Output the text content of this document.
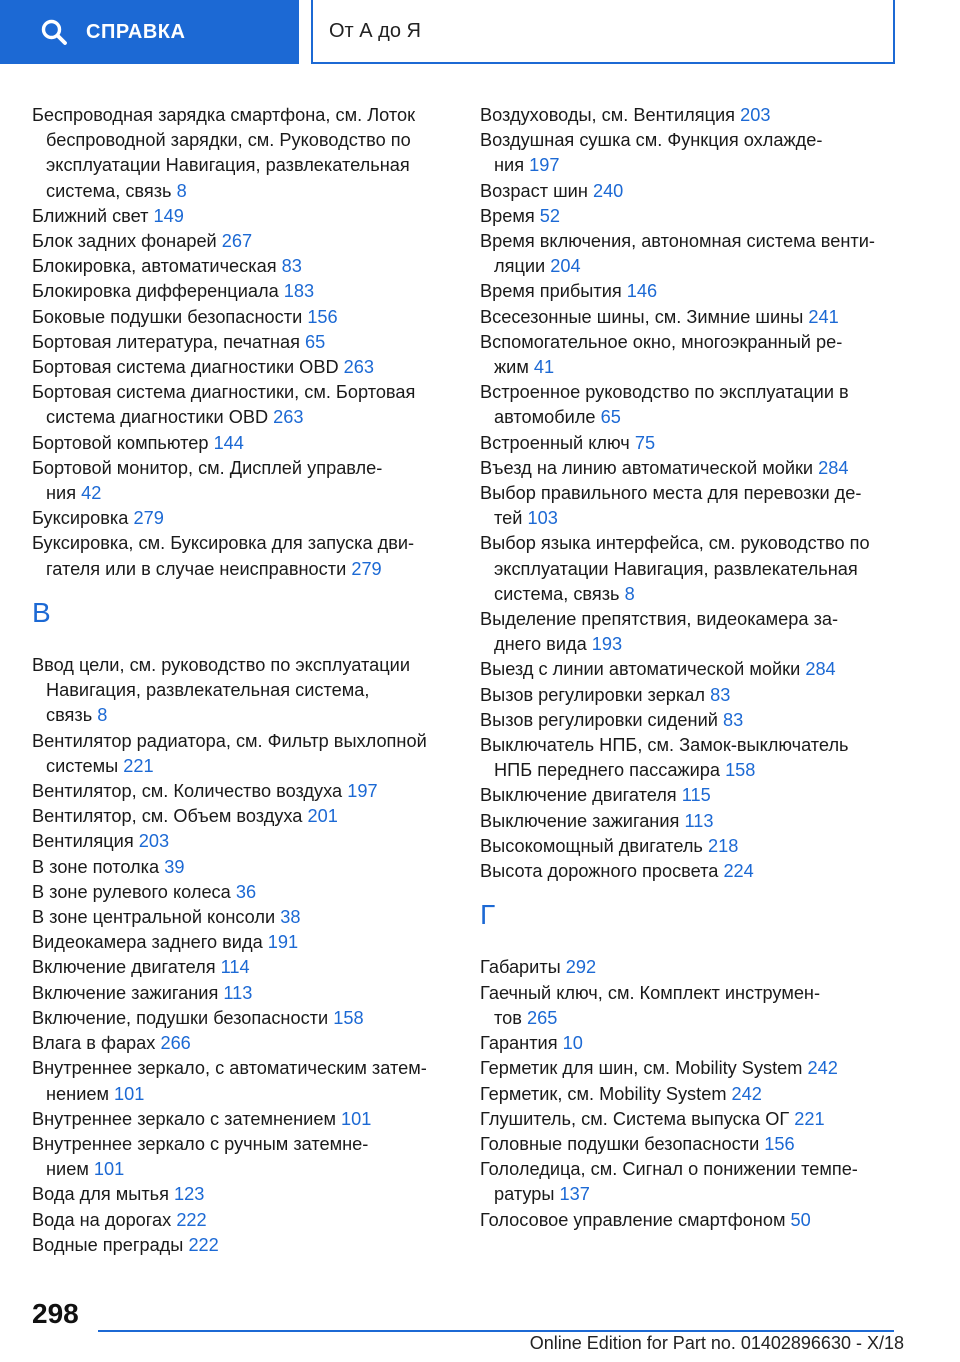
СПРАВКА	От А до Я

Беспроводная зарядка смартфона, см. Лоток
беспроводной зарядки, см. Руководство по
эксплуатации Навигация, развлекательная
система, связь 8

Ближний свет 149

Блок задних фонарей 267

Блокировка, автоматическая 83

Блокировка дифференциала 183

Боковые подушки безопасности 156

Бортовая литература, печатная 65

Бортовая система диагностики OBD 263

Бортовая система диагностики, см. Бортовая
система диагностики OBD 263

Бортовой компьютер 144

Бортовой монитор, см. Дисплей управле-
ния 42

Буксировка 279

Буксировка, см. Буксировка для запуска дви-
гателя или в случае неисправности 279

В

Ввод цели, см. руководство по эксплуатации
Навигация, развлекательная система,
связь 8

Вентилятор радиатора, см. Фильтр выхлопной
системы 221

Вентилятор, см. Количество воздуха 197

Вентилятор, см. Объем воздуха 201

Вентиляция 203

В зоне потолка 39

В зоне рулевого колеса 36

В зоне центральной консоли 38

Видеокамера заднего вида 191

Включение двигателя 114

Включение зажигания 113

Включение, подушки безопасности 158

Влага в фарах 266

Внутреннее зеркало, с автоматическим затем-
нением 101

Внутреннее зеркало с затемнением 101

Внутреннее зеркало с ручным затемне-
нием 101

Вода для мытья 123

Вода на дорогах 222

Водные преграды 222

Воздуховоды, см. Вентиляция 203

Воздушная сушка см. Функция охлажде-
ния 197

Возраст шин 240

Время 52

Время включения, автономная система венти-
ляции 204

Время прибытия 146

Всесезонные шины, см. Зимние шины 241

Вспомогательное окно, многоэкранный ре-
жим 41

Встроенное руководство по эксплуатации в
автомобиле 65

Встроенный ключ 75

Въезд на линию автоматической мойки 284

Выбор правильного места для перевозки де-
тей 103

Выбор языка интерфейса, см. руководство по
эксплуатации Навигация, развлекательная
система, связь 8

Выделение препятствия, видеокамера за-
днего вида 193

Выезд с линии автоматической мойки 284

Вызов регулировки зеркал 83

Вызов регулировки сидений 83

Выключатель НПБ, см. Замок-выключатель
НПБ переднего пассажира 158

Выключение двигателя 115

Выключение зажигания 113

Высокомощный двигатель 218

Высота дорожного просвета 224

Г

Габариты 292

Гаечный ключ, см. Комплект инструмен-
тов 265

Гарантия 10

Герметик для шин, см. Mobility System 242

Герметик, см. Mobility System 242

Глушитель, см. Система выпуска ОГ 221

Головные подушки безопасности 156

Гололедица, см. Сигнал о понижении темпе-
ратуры 137

Голосовое управление смартфоном 50

298
Online Edition for Part no. 01402896630 - X/18
